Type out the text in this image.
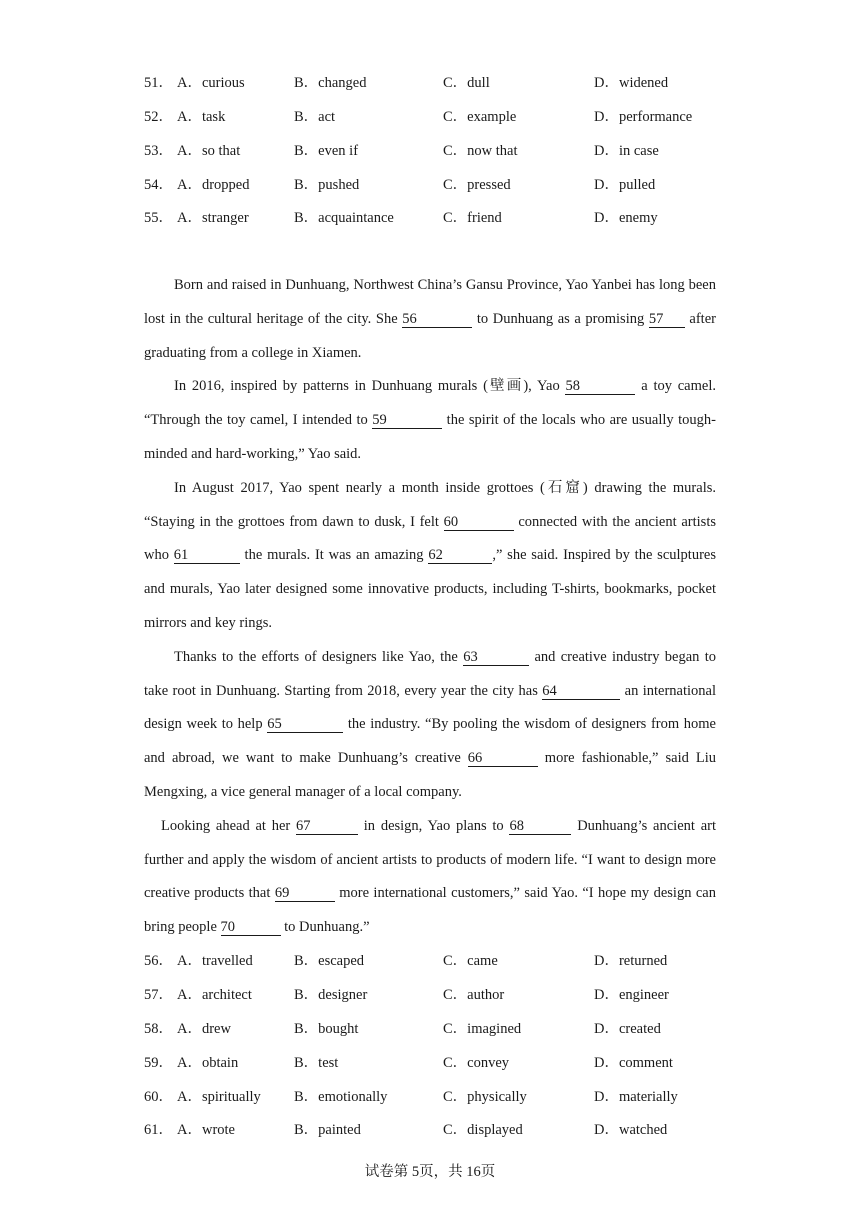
51． A．curious	B．changed	C．dull	D．widened
52． A．task	B．act	C．example	D．performance
53． A．so that	B．even if	C．now that	D．in case
54． A．dropped	B．pushed	C．pressed	D．pulled
55． A．stranger	B．acquaintance	C．friend	D．enemy

Born and raised in Dunhuang, Northwest China’s Gansu Province, Yao Yanbei has long been lost in the cultural heritage of the city. She 56	to Dunhuang as a promising 57 after graduating from a college in Xiamen.

In 2016, inspired by patterns in Dunhuang murals (壁画), Yao 58	a toy camel. “Through the toy camel, I intended to 59	the spirit of the locals who are usually tough-minded and hard-working,” Yao said.

In August 2017, Yao spent nearly a month inside grottoes (石窟) drawing the murals. “Staying in the grottoes from dawn to dusk, I felt 60	connected with the ancient artists who 61	the murals. It was an amazing 62	,” she said. Inspired by the sculptures and murals, Yao later designed some innovative products, including T-shirts, bookmarks, pocket mirrors and key rings.

Thanks to the efforts of designers like Yao, the 63	and creative industry began to take root in Dunhuang. Starting from 2018, every year the city has 64	an international design week to help 65	the industry. “By pooling the wisdom of designers from home and abroad, we want to make Dunhuang’s creative 66	more fashionable,” said Liu Mengxing, a vice general manager of a local company.

Looking ahead at her 67	in design, Yao plans to 68	Dunhuang’s ancient art further and apply the wisdom of ancient artists to products of modern life. “I want to design more creative products that 69	more international customers,” said Yao. “I hope my design can bring people 70	to Dunhuang.”

56． A．travelled	B．escaped	C．came	D．returned
57． A．architect	B．designer	C．author	D．engineer
58． A．drew	B．bought	C．imagined	D．created
59． A．obtain	B．test	C．convey	D．comment
60． A．spiritually B．emotionally	C．physically	D．materially
61． A．wrote	B．painted	C．displayed	D．watched
试卷第 5页，共 16页
